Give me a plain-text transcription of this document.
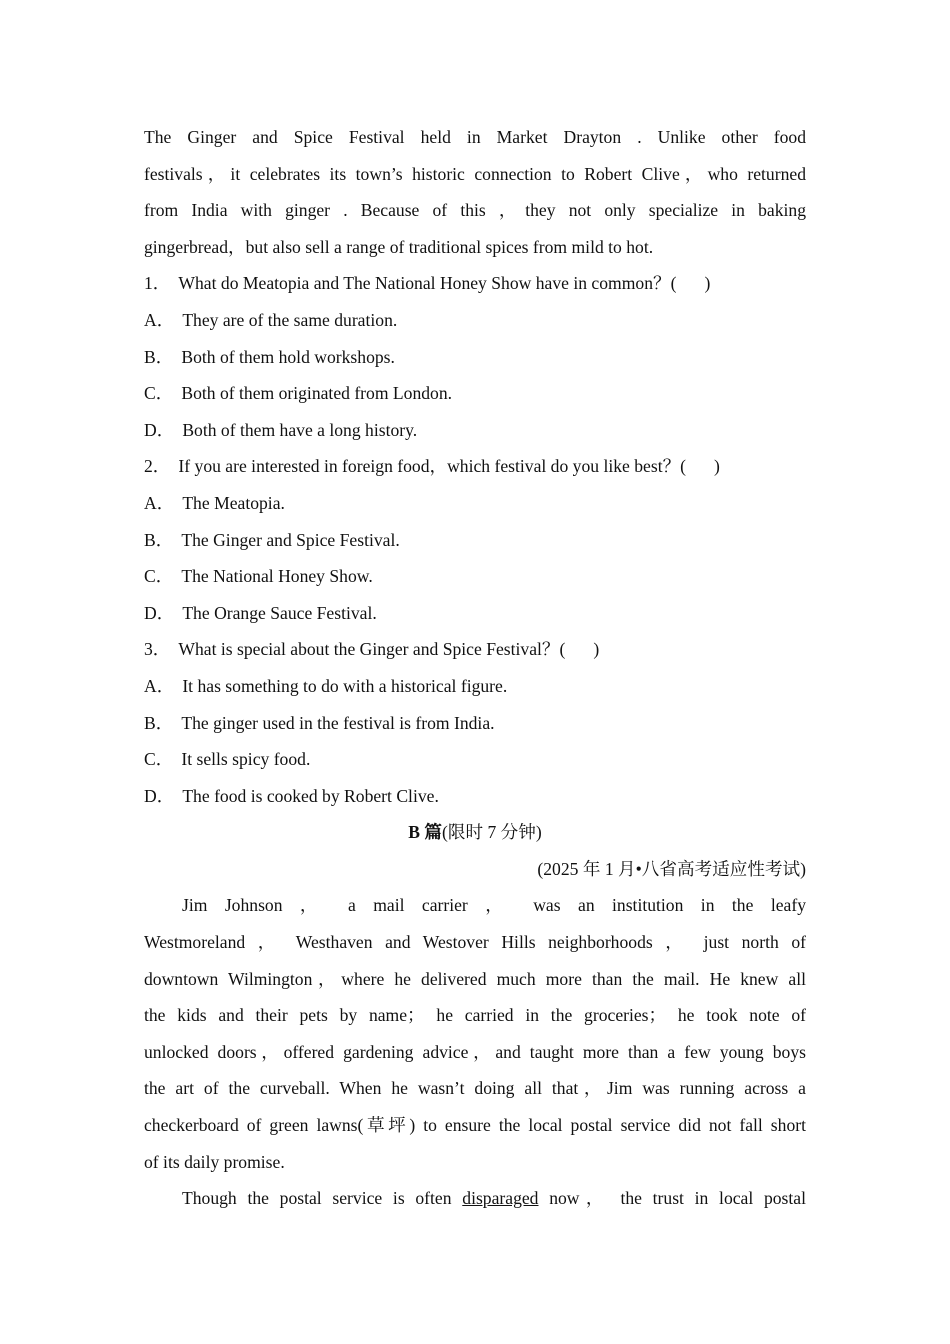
The Ginger and Spice Festival held in Market Drayton . Unlike other food
festivals，it celebrates its town’s historic connection to Robert Clive，who returned
from India with ginger . Because of this ，they not only specialize in baking
gingerbread，but also sell a range of traditional spices from mild to hot.
1． What do Meatopia and The National Honey Show have in common？( )
A． They are of the same duration.
B． Both of them hold workshops.
C． Both of them originated from London.
D． Both of them have a long history.
2． If you are interested in foreign food，which festival do you like best？( )
A． The Meatopia.
B． The Ginger and Spice Festival.
C． The National Honey Show.
D． The Orange Sauce Festival.
3． What is special about the Ginger and Spice Festival？( )
A． It has something to do with a historical figure.
B． The ginger used in the festival is from India.
C． It sells spicy food.
D． The food is cooked by Robert Clive.
B 篇(限时 7 分钟)
(2025 年 1 月•八省高考适应性考试)
Jim Johnson ， a mail carrier ， was an institution in the leafy
Westmoreland ， Westhaven and Westover Hills neighborhoods ， just north of
downtown Wilmington，where he delivered much more than the mail. He knew all
the kids and their pets by name； he carried in the groceries； he took note of
unlocked doors，offered gardening advice，and taught more than a few young boys
the art of the curveball. When he wasn’t doing all that，Jim was running across a
checkerboard of green lawns(草坪) to ensure the local postal service did not fall short
of its daily promise.
Though the postal service is often disparaged now， the trust in local postal
